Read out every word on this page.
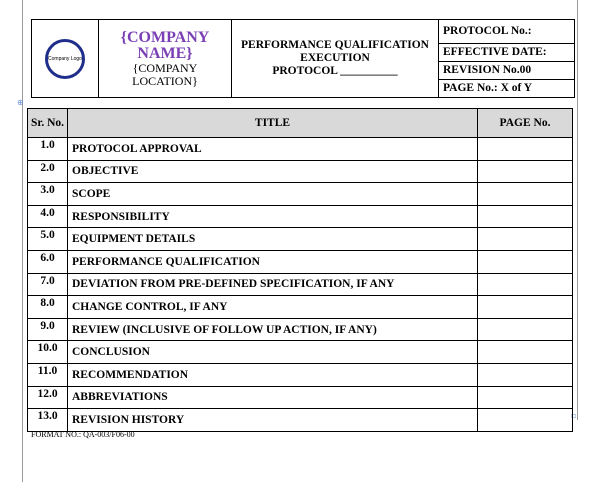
⊕
▫
Company Logo

{COMPANY NAME}
{COMPANY LOCATION}

PERFORMANCE QUALIFICATION
EXECUTION
PROTOCOL __________

PROTOCOL No.:
EFFECTIVE DATE:
REVISION No.00
PAGE No.: X of Y
Sr. No.	TITLE	PAGE No.
1.0	PROTOCOL APPROVAL	
2.0	OBJECTIVE	
3.0	SCOPE	
4.0	RESPONSIBILITY	
5.0	EQUIPMENT DETAILS	
6.0	PERFORMANCE QUALIFICATION	
7.0	DEVIATION FROM PRE-DEFINED SPECIFICATION, IF ANY	
8.0	CHANGE CONTROL, IF ANY	
9.0	REVIEW (INCLUSIVE OF FOLLOW UP ACTION, IF ANY)	
10.0	CONCLUSION	
11.0	RECOMMENDATION	
12.0	ABBREVIATIONS	
13.0	REVISION HISTORY	
FORMAT NO.: QA-003/F06-00
